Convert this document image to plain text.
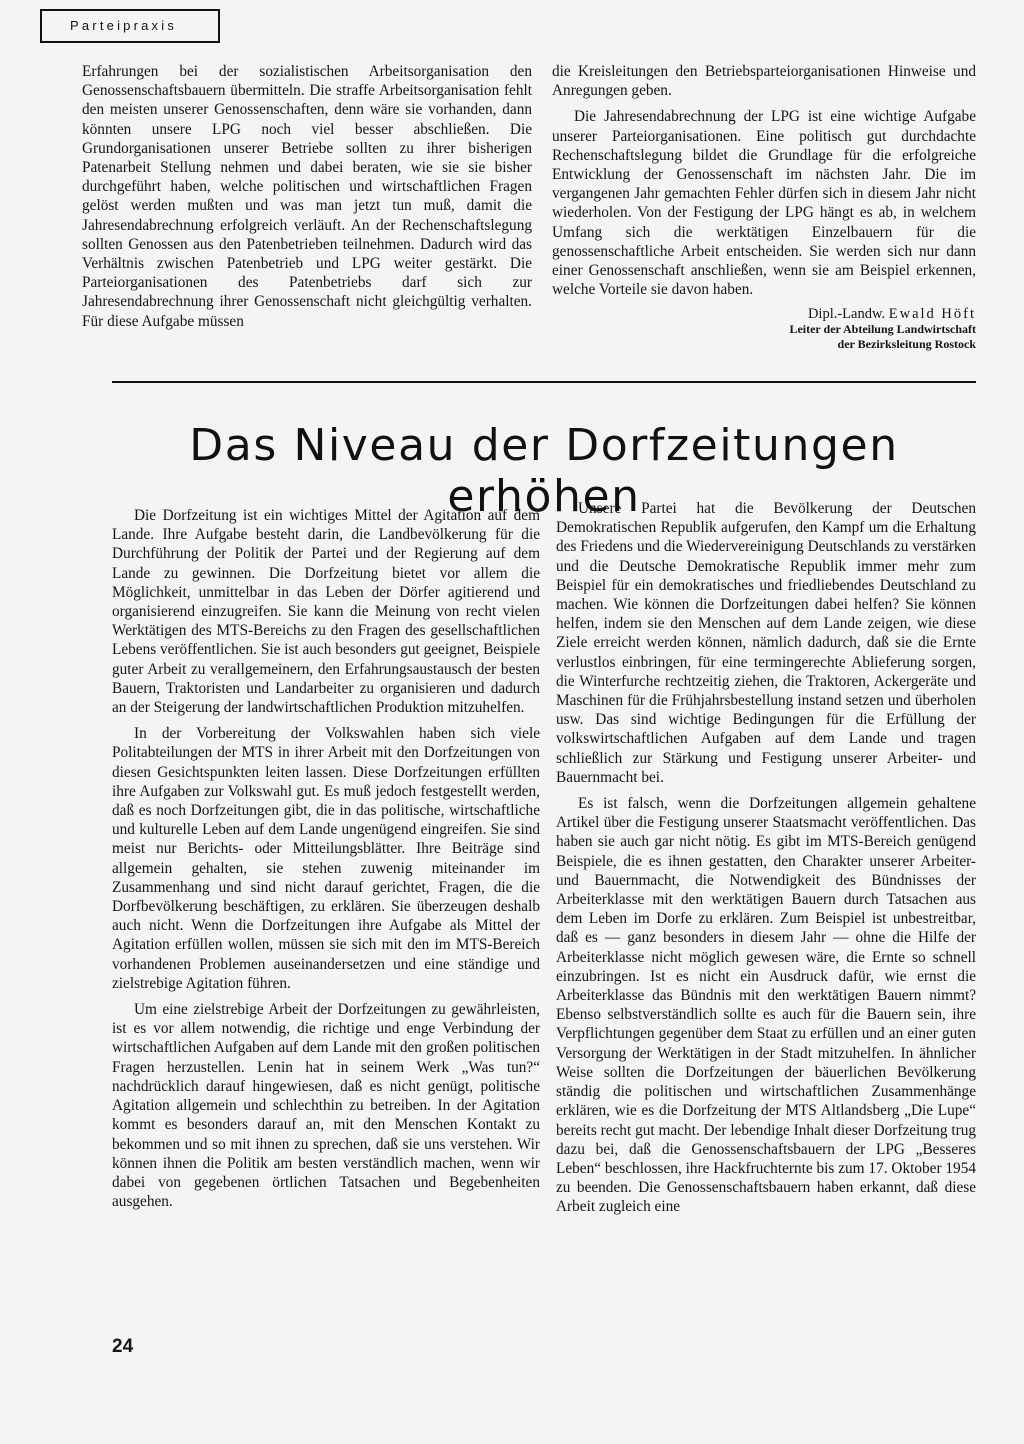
Parteipraxis

Erfahrungen bei der sozialistischen Arbeitsorganisation den Genossenschaftsbauern übermitteln. Die straffe Arbeitsorganisation fehlt den meisten unserer Genossenschaften, denn wäre sie vorhanden, dann könnten unsere LPG noch viel besser abschließen. Die Grundorganisationen unserer Betriebe sollten zu ihrer bisherigen Patenarbeit Stellung nehmen und dabei beraten, wie sie sie bisher durchgeführt haben, welche politischen und wirtschaftlichen Fragen gelöst werden mußten und was man jetzt tun muß, damit die Jahresendabrechnung erfolgreich verläuft. An der Rechenschaftslegung sollten Genossen aus den Patenbetrieben teilnehmen. Dadurch wird das Verhältnis zwischen Patenbetrieb und LPG weiter gestärkt. Die Parteiorganisationen des Patenbetriebs darf sich zur Jahresendabrechnung ihrer Genossenschaft nicht gleichgültig verhalten. Für diese Aufgabe müssen

die Kreisleitungen den Betriebsparteiorganisationen Hinweise und Anregungen geben.

Die Jahresendabrechnung der LPG ist eine wichtige Aufgabe unserer Parteiorganisationen. Eine politisch gut durchdachte Rechenschaftslegung bildet die Grundlage für die erfolgreiche Entwicklung der Genossenschaft im nächsten Jahr. Die im vergangenen Jahr gemachten Fehler dürfen sich in diesem Jahr nicht wiederholen. Von der Festigung der LPG hängt es ab, in welchem Umfang sich die werktätigen Einzelbauern für die genossenschaftliche Arbeit entscheiden. Sie werden sich nur dann einer Genossenschaft anschließen, wenn sie am Beispiel erkennen, welche Vorteile sie davon haben.

Dipl.-Landw. Ewald Höft
Leiter der Abteilung Landwirtschaft
der Bezirksleitung Rostock
Das Niveau der Dorfzeitungen erhöhen

Die Dorfzeitung ist ein wichtiges Mittel der Agitation auf dem Lande. Ihre Aufgabe besteht darin, die Landbevölkerung für die Durchführung der Politik der Partei und der Regierung auf dem Lande zu gewinnen. Die Dorfzeitung bietet vor allem die Möglichkeit, unmittelbar in das Leben der Dörfer agitierend und organisierend einzugreifen. Sie kann die Meinung von recht vielen Werktätigen des MTS-Bereichs zu den Fragen des gesellschaftlichen Lebens veröffentlichen. Sie ist auch besonders gut geeignet, Beispiele guter Arbeit zu verallgemeinern, den Erfahrungsaustausch der besten Bauern, Traktoristen und Landarbeiter zu organisieren und dadurch an der Steigerung der landwirtschaftlichen Produktion mitzuhelfen.

In der Vorbereitung der Volkswahlen haben sich viele Politabteilungen der MTS in ihrer Arbeit mit den Dorfzeitungen von diesen Gesichtspunkten leiten lassen. Diese Dorfzeitungen erfüllten ihre Aufgaben zur Volkswahl gut. Es muß jedoch festgestellt werden, daß es noch Dorfzeitungen gibt, die in das politische, wirtschaftliche und kulturelle Leben auf dem Lande ungenügend eingreifen. Sie sind meist nur Berichts- oder Mitteilungsblätter. Ihre Beiträge sind allgemein gehalten, sie stehen zuwenig miteinander im Zusammenhang und sind nicht darauf gerichtet, Fragen, die die Dorfbevölkerung beschäftigen, zu erklären. Sie überzeugen deshalb auch nicht. Wenn die Dorfzeitungen ihre Aufgabe als Mittel der Agitation erfüllen wollen, müssen sie sich mit den im MTS-Bereich vorhandenen Problemen auseinandersetzen und eine ständige und zielstrebige Agitation führen.

Um eine zielstrebige Arbeit der Dorfzeitungen zu gewährleisten, ist es vor allem notwendig, die richtige und enge Verbindung der wirtschaftlichen Aufgaben auf dem Lande mit den großen politischen Fragen herzustellen. Lenin hat in seinem Werk „Was tun?“ nachdrücklich darauf hingewiesen, daß es nicht genügt, politische Agitation allgemein und schlechthin zu betreiben. In der Agitation kommt es besonders darauf an, mit den Menschen Kontakt zu bekommen und so mit ihnen zu sprechen, daß sie uns verstehen. Wir können ihnen die Politik am besten verständlich machen, wenn wir dabei von gegebenen örtlichen Tatsachen und Begebenheiten ausgehen.

Unsere Partei hat die Bevölkerung der Deutschen Demokratischen Republik aufgerufen, den Kampf um die Erhaltung des Friedens und die Wiedervereinigung Deutschlands zu verstärken und die Deutsche Demokratische Republik immer mehr zum Beispiel für ein demokratisches und friedliebendes Deutschland zu machen. Wie können die Dorfzeitungen dabei helfen? Sie können helfen, indem sie den Menschen auf dem Lande zeigen, wie diese Ziele erreicht werden können, nämlich dadurch, daß sie die Ernte verlustlos einbringen, für eine termingerechte Ablieferung sorgen, die Winterfurche rechtzeitig ziehen, die Traktoren, Ackergeräte und Maschinen für die Frühjahrsbestellung instand setzen und überholen usw. Das sind wichtige Bedingungen für die Erfüllung der volkswirtschaftlichen Aufgaben auf dem Lande und tragen schließlich zur Stärkung und Festigung unserer Arbeiter- und Bauernmacht bei.

Es ist falsch, wenn die Dorfzeitungen allgemein gehaltene Artikel über die Festigung unserer Staatsmacht veröffentlichen. Das haben sie auch gar nicht nötig. Es gibt im MTS-Bereich genügend Beispiele, die es ihnen gestatten, den Charakter unserer Arbeiter- und Bauernmacht, die Notwendigkeit des Bündnisses der Arbeiterklasse mit den werktätigen Bauern durch Tatsachen aus dem Leben im Dorfe zu erklären. Zum Beispiel ist unbestreitbar, daß es — ganz besonders in diesem Jahr — ohne die Hilfe der Arbeiterklasse nicht möglich gewesen wäre, die Ernte so schnell einzubringen. Ist es nicht ein Ausdruck dafür, wie ernst die Arbeiterklasse das Bündnis mit den werktätigen Bauern nimmt? Ebenso selbstverständlich sollte es auch für die Bauern sein, ihre Verpflichtungen gegenüber dem Staat zu erfüllen und an einer guten Versorgung der Werktätigen in der Stadt mitzuhelfen. In ähnlicher Weise sollten die Dorfzeitungen der bäuerlichen Bevölkerung ständig die politischen und wirtschaftlichen Zusammenhänge erklären, wie es die Dorfzeitung der MTS Altlandsberg „Die Lupe“ bereits recht gut macht. Der lebendige Inhalt dieser Dorfzeitung trug dazu bei, daß die Genossenschaftsbauern der LPG „Besseres Leben“ beschlossen, ihre Hackfruchternte bis zum 17. Oktober 1954 zu beenden. Die Genossenschaftsbauern haben erkannt, daß diese Arbeit zugleich eine

24
